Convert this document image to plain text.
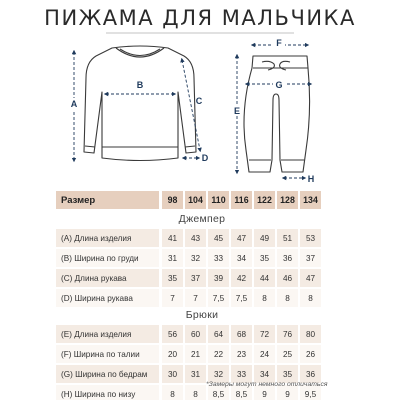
ПИЖАМА ДЛЯ МАЛЬЧИКА
A
B
C
D
F
E
G
H
Размер	98	104 110 116 122 128 134
Джемпер
(A) Длина изделия	41	43	45	47	49	51	53
(B) Ширина по груди	31	32	33	34	35	36	37
(C) Длина рукава	35	37	39	42	44	46	47
(D) Ширина рукава	7	7	7,5	7,5	8	8	8
Брюки
(E) Длина изделия	56	60	64	68	72	76	80
(F) Ширина по талии	20	21	22	23	24	25	26
(G) Ширина по бедрам	30	31	32	33	34	35	36
(H) Ширина по низу	8	8	8,5	8,5	9	9	9,5
*Замеры могут немного отличаться
